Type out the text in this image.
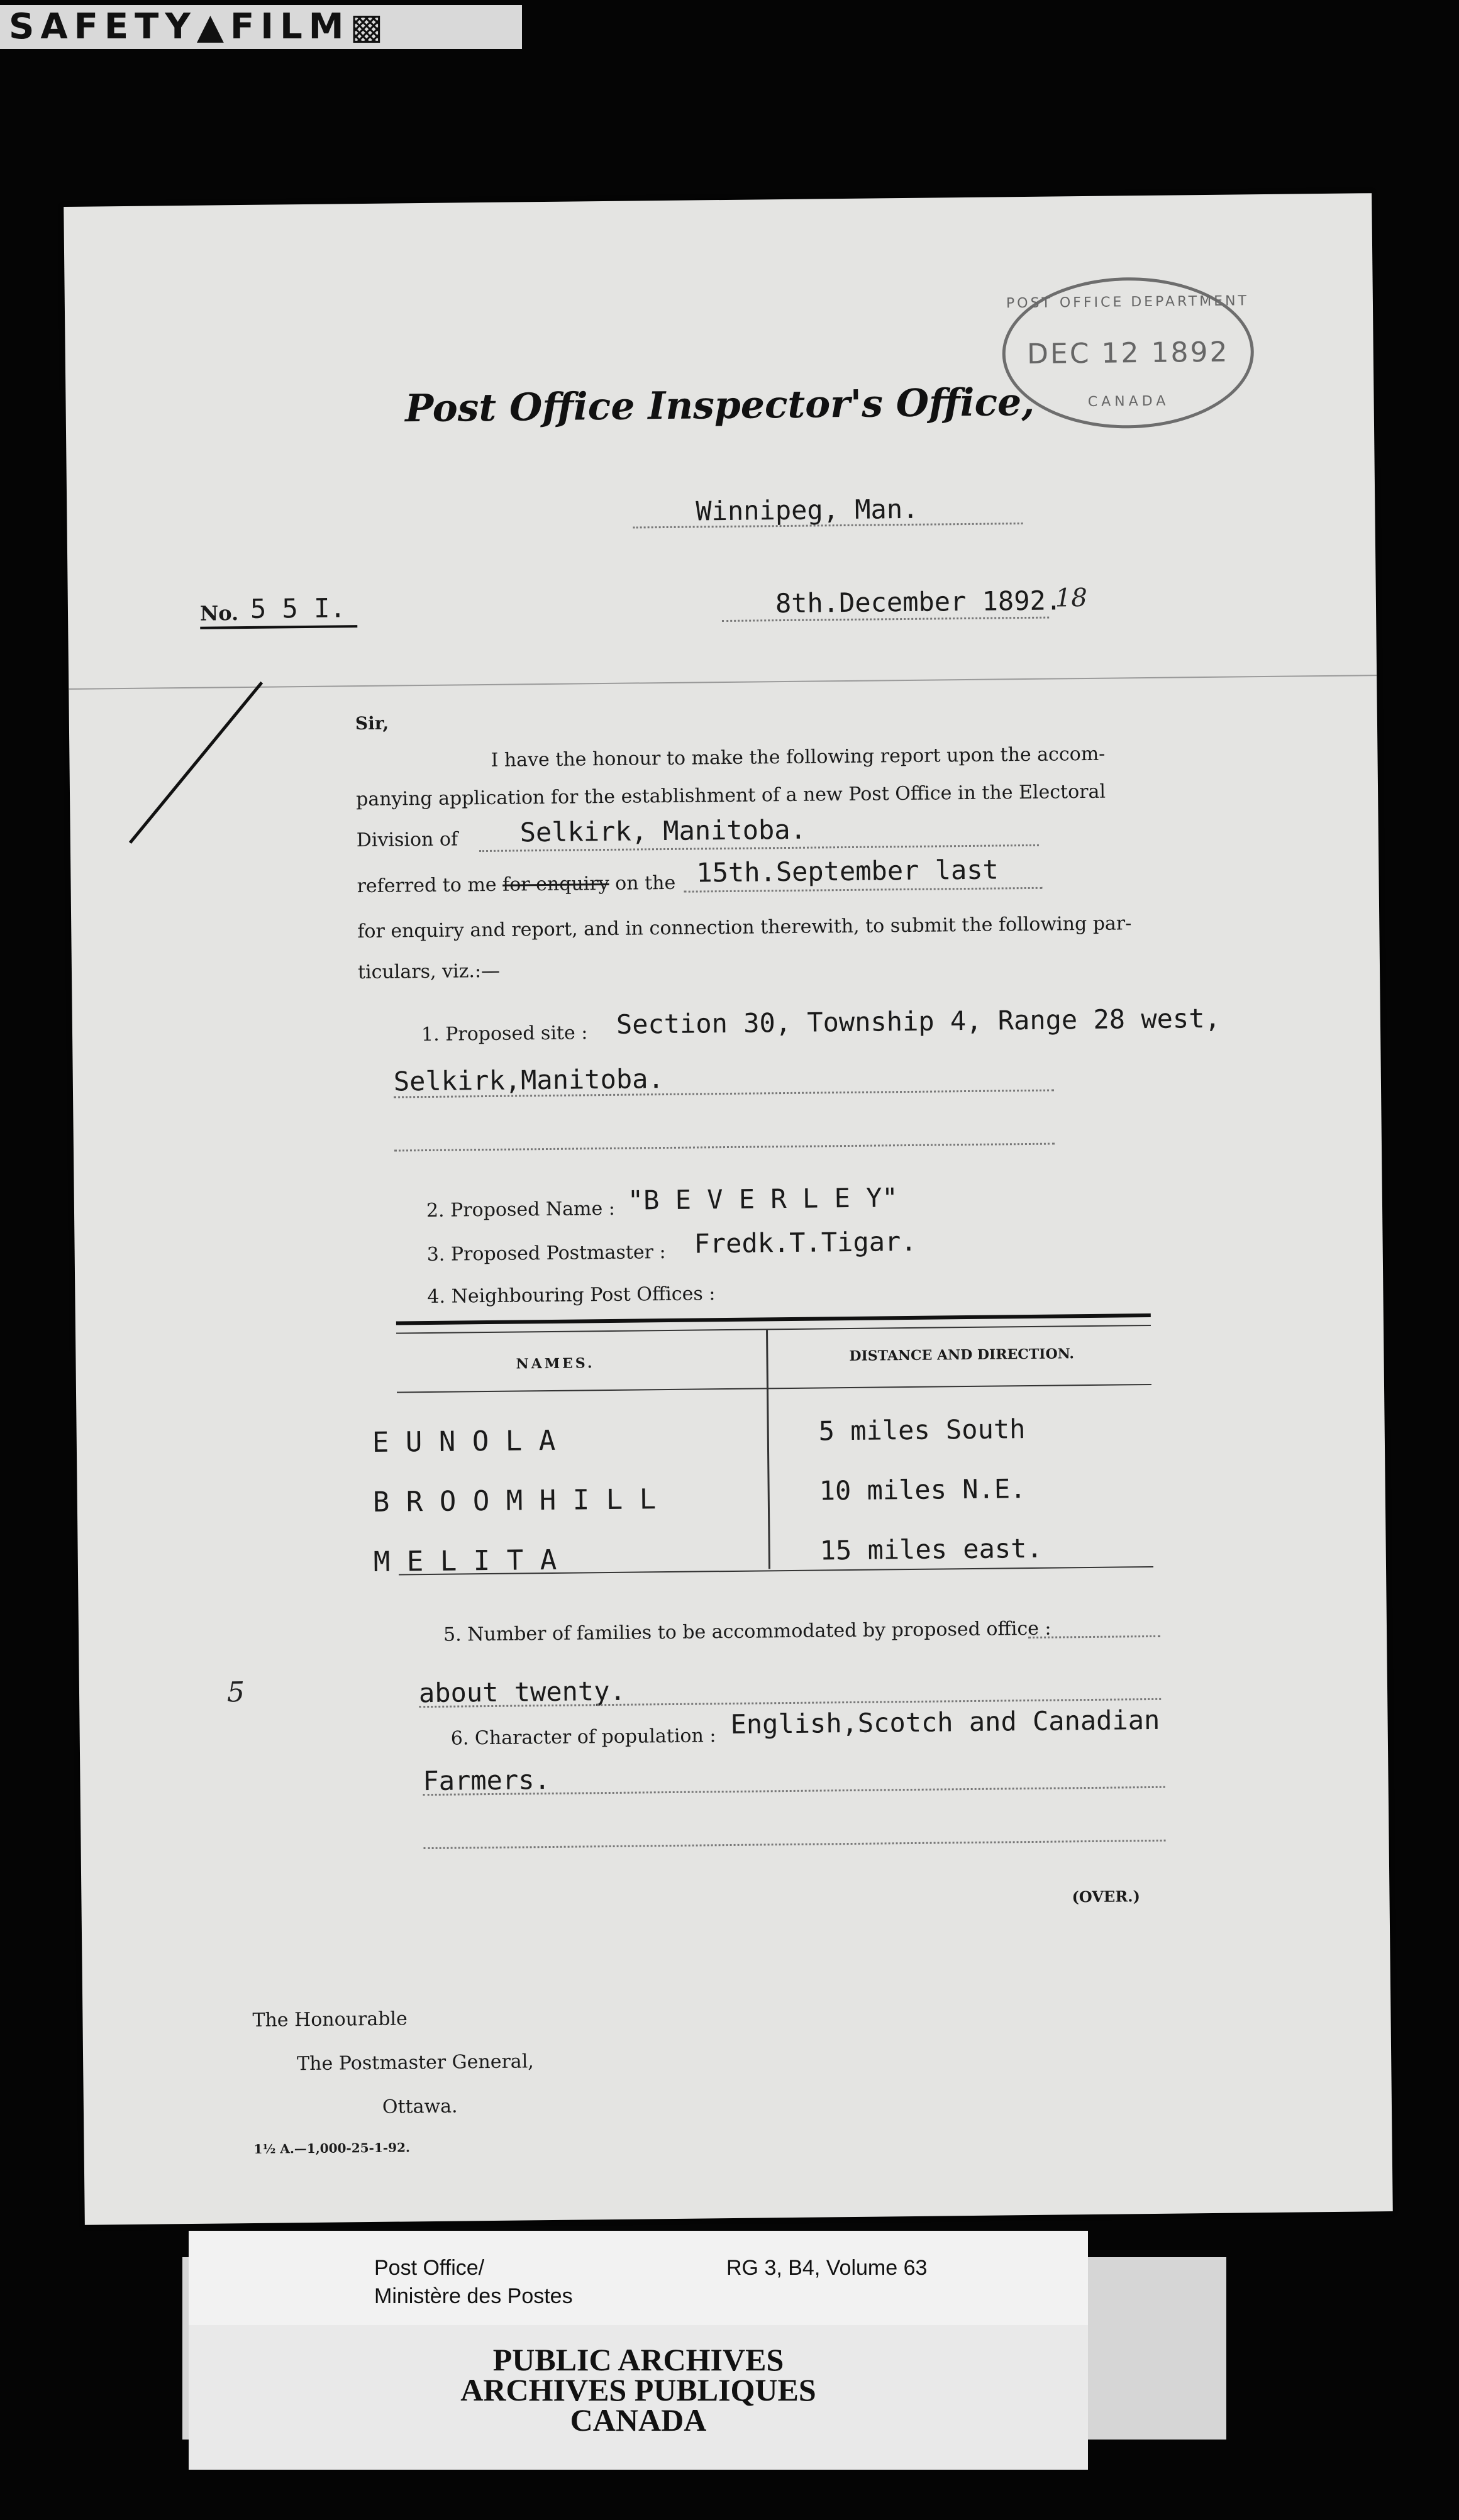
SAFETY▲FILM▩
Post Office Inspector's Office,
POST OFFICE DEPARTMENT
DEC 12 1892
CANADA
Winnipeg, Man.
No. 5 5 I.	8th.December 1892.
18
Sir,
I have the honour to make the following report upon the accom-
panying application for the establishment of a new Post Office in the Electoral
Division of Selkirk, Manitoba.
referred to me for enquiry on the 15th.September last
for enquiry and report, and in connection therewith, to submit the following par-
ticulars, viz.:—
1. Proposed site : Section 30, Township 4, Range 28 west,
Selkirk,Manitoba.
2. Proposed Name : "B E V E R L E Y"
3. Proposed Postmaster : Fredk.T.Tigar.
4. Neighbouring Post Offices :
NAMES.	DISTANCE AND DIRECTION.
E U N O L A	5 miles South
B R O O M H I L L	10 miles N.E.
M E L I T A	15 miles east.
5. Number of families to be accommodated by proposed office :
5	about twenty.
6. Character of population : English,Scotch and Canadian
Farmers.
(OVER.)
The Honourable
The Postmaster General,
Ottawa.
1½ A.—1,000-25-1-92.
Post Office/
Ministère des Postes
RG 3, B4, Volume 63
PUBLIC ARCHIVES
ARCHIVES PUBLIQUES
CANADA
